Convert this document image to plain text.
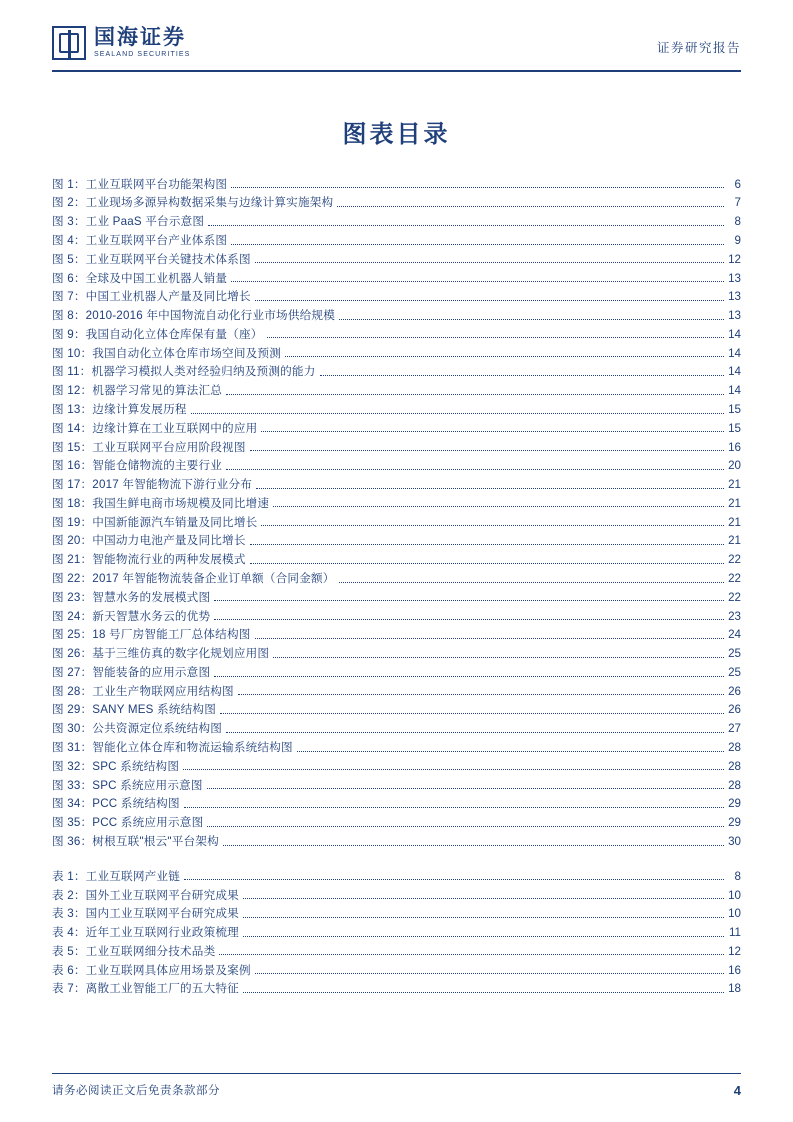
国海证券
SEALAND SECURITIES	证券研究报告
图表目录
图 1：工业互联网平台功能架构图	6
图 2：工业现场多源异构数据采集与边缘计算实施架构	7
图 3：工业 PaaS 平台示意图	8
图 4：工业互联网平台产业体系图	9
图 5：工业互联网平台关键技术体系图	12
图 6：全球及中国工业机器人销量	13
图 7：中国工业机器人产量及同比增长	13
图 8：2010-2016 年中国物流自动化行业市场供给规模	13
图 9：我国自动化立体仓库保有量（座）	14
图 10：我国自动化立体仓库市场空间及预测	14
图 11：机器学习模拟人类对经验归纳及预测的能力	14
图 12：机器学习常见的算法汇总	14
图 13：边缘计算发展历程	15
图 14：边缘计算在工业互联网中的应用	15
图 15：工业互联网平台应用阶段视图	16
图 16：智能仓储物流的主要行业	20
图 17：2017 年智能物流下游行业分布	21
图 18：我国生鲜电商市场规模及同比增速	21
图 19：中国新能源汽车销量及同比增长	21
图 20：中国动力电池产量及同比增长	21
图 21：智能物流行业的两种发展模式	22
图 22：2017 年智能物流装备企业订单额（合同金额）	22
图 23：智慧水务的发展模式图	22
图 24：新天智慧水务云的优势	23
图 25：18 号厂房智能工厂总体结构图	24
图 26：基于三维仿真的数字化规划应用图	25
图 27：智能装备的应用示意图	25
图 28：工业生产物联网应用结构图	26
图 29：SANY MES 系统结构图	26
图 30：公共资源定位系统结构图	27
图 31：智能化立体仓库和物流运输系统结构图	28
图 32：SPC 系统结构图	28
图 33：SPC 系统应用示意图	28
图 34：PCC 系统结构图	29
图 35：PCC 系统应用示意图	29
图 36：树根互联"根云"平台架构	30
表 1：工业互联网产业链	8
表 2：国外工业互联网平台研究成果	10
表 3：国内工业互联网平台研究成果	10
表 4：近年工业互联网行业政策梳理	11
表 5：工业互联网细分技术品类	12
表 6：工业互联网具体应用场景及案例	16
表 7：离散工业智能工厂的五大特征	18
请务必阅读正文后免责条款部分	4
